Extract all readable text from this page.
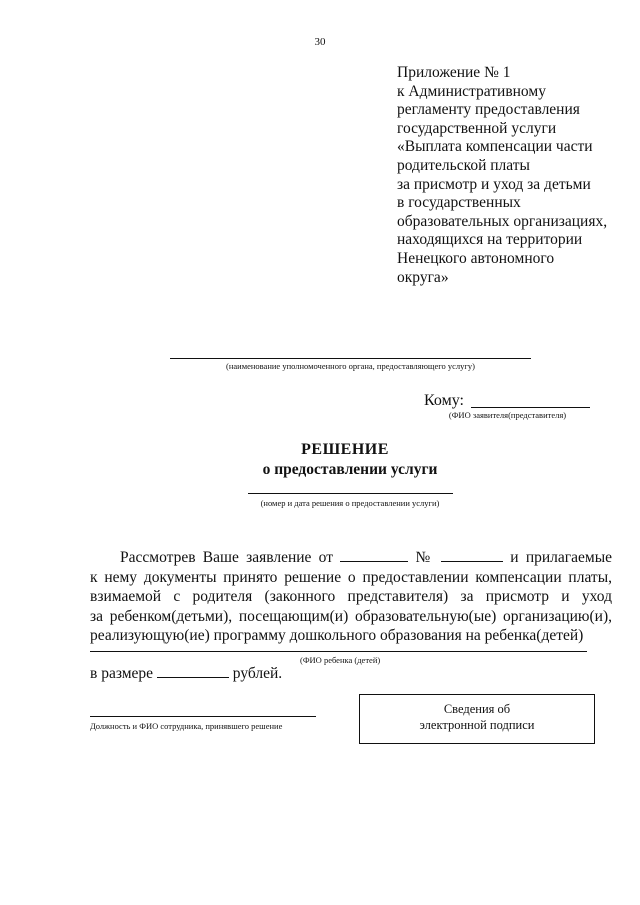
30
Приложение № 1
к Административному
регламенту предоставления
государственной услуги
«Выплата компенсации части
родительской платы
за присмотр и уход за детьми
в государственных
образовательных организациях,
находящихся на территории
Ненецкого автономного
округа»
(наименование уполномоченного органа, предоставляющего услугу)
Кому:
(ФИО заявителя(представителя)
РЕШЕНИЕ
о предоставлении услуги
(номер и дата решения о предоставлении услуги)
Рассмотрев Ваше заявление от	№	и прилагаемые
к нему документы принято решение о предоставлении компенсации платы,
взимаемой с родителя (законного представителя) за присмотр и уход
за ребенком(детьми), посещающим(и) образовательную(ые) организацию(и),
реализующую(ие) программу дошкольного образования на ребенка(детей)
(ФИО ребенка (детей)
в размере	рублей.
Должность и ФИО сотрудника, принявшего решение
Сведения об
электронной подписи
